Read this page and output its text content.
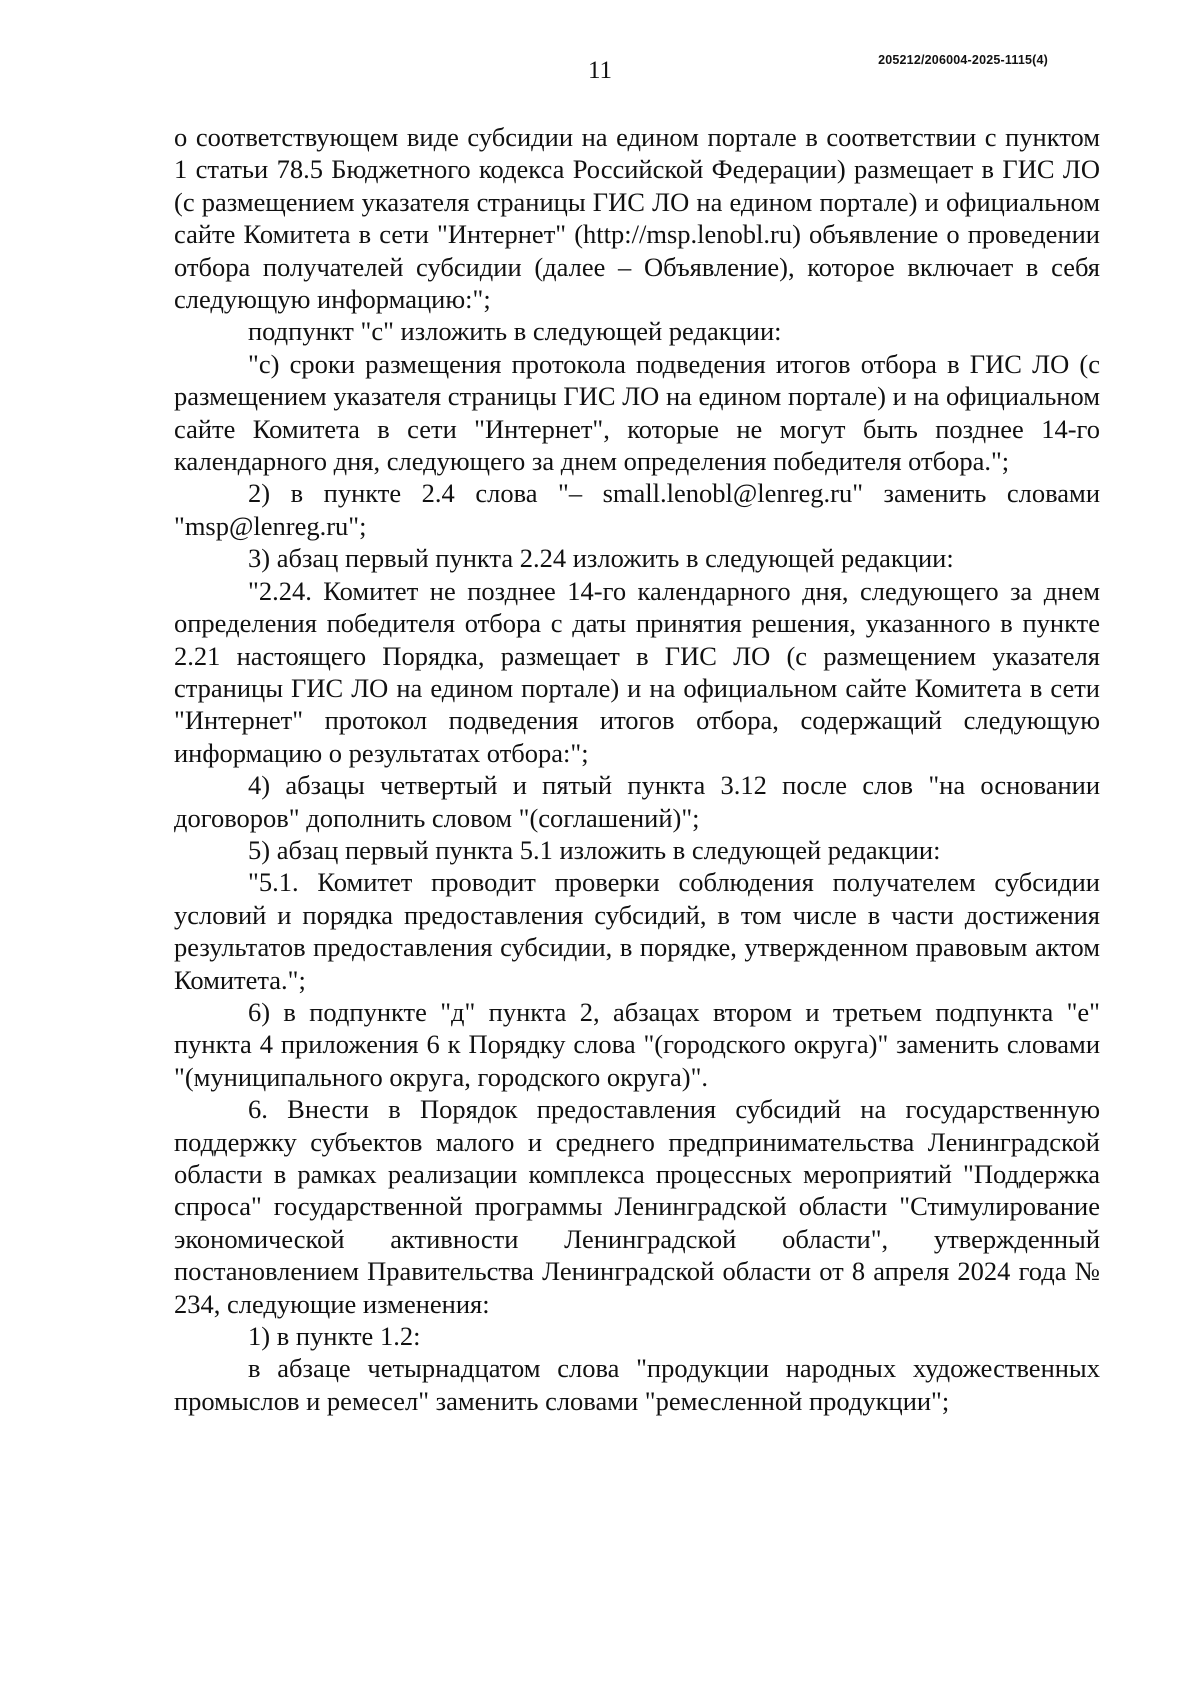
11	205212/206004-2025-1115(4)

о соответствующем виде субсидии на едином портале в соответствии с пунктом 1 статьи 78.5 Бюджетного кодекса Российской Федерации) размещает в ГИС ЛО (с размещением указателя страницы ГИС ЛО на едином портале) и официальном сайте Комитета в сети "Интернет" (http://msp.lenobl.ru) объявление о проведении отбора получателей субсидии (далее – Объявление), которое включает в себя следующую информацию:";

подпункт "с" изложить в следующей редакции:

"с) сроки размещения протокола подведения итогов отбора в ГИС ЛО (с размещением указателя страницы ГИС ЛО на едином портале) и на официальном сайте Комитета в сети "Интернет", которые не могут быть позднее 14-го календарного дня, следующего за днем определения победителя отбора.";

2) в пункте 2.4 слова "– small.lenobl@lenreg.ru" заменить словами "msp@lenreg.ru";

3) абзац первый пункта 2.24 изложить в следующей редакции:

"2.24. Комитет не позднее 14-го календарного дня, следующего за днем определения победителя отбора с даты принятия решения, указанного в пункте 2.21 настоящего Порядка, размещает в ГИС ЛО (с размещением указателя страницы ГИС ЛО на едином портале) и на официальном сайте Комитета в сети "Интернет" протокол подведения итогов отбора, содержащий следующую информацию о результатах отбора:";

4) абзацы четвертый и пятый пункта 3.12 после слов "на основании договоров" дополнить словом "(соглашений)";

5) абзац первый пункта 5.1 изложить в следующей редакции:

"5.1. Комитет проводит проверки соблюдения получателем субсидии условий и порядка предоставления субсидий, в том числе в части достижения результатов предоставления субсидии, в порядке, утвержденном правовым актом Комитета.";

6) в подпункте "д" пункта 2, абзацах втором и третьем подпункта "е" пункта 4 приложения 6 к Порядку слова "(городского округа)" заменить словами "(муниципального округа, городского округа)".

6. Внести в Порядок предоставления субсидий на государственную поддержку субъектов малого и среднего предпринимательства Ленинградской области в рамках реализации комплекса процессных мероприятий "Поддержка спроса" государственной программы Ленинградской области "Стимулирование экономической активности Ленинградской области", утвержденный постановлением Правительства Ленинградской области от 8 апреля 2024 года № 234, следующие изменения:

1) в пункте 1.2:

в абзаце четырнадцатом слова "продукции народных художественных промыслов и ремесел" заменить словами "ремесленной продукции";
